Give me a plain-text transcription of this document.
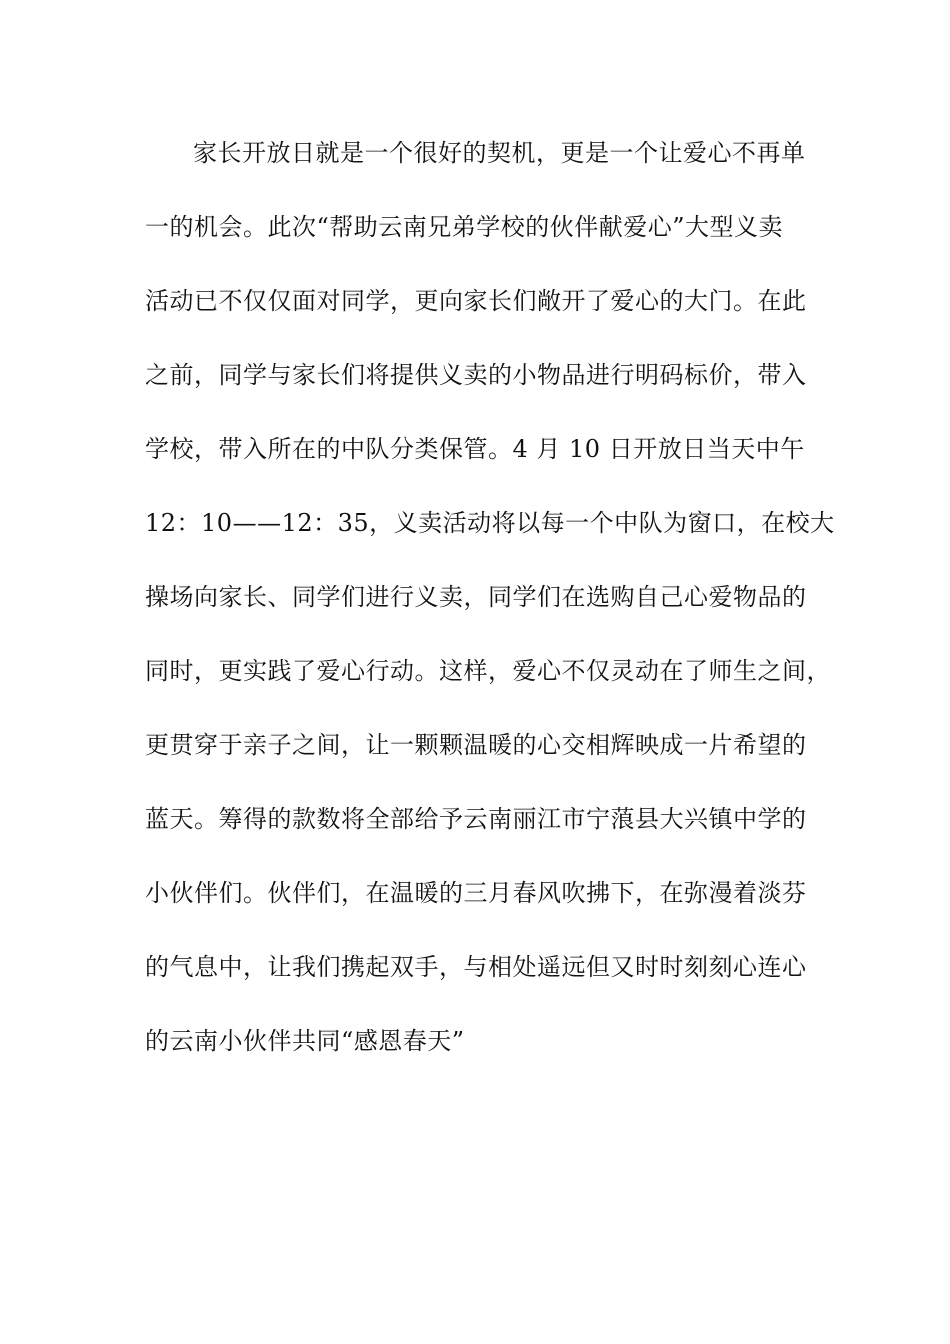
家长开放日就是一个很好的契机，更是一个让爱心不再单
一的机会。此次“帮助云南兄弟学校的伙伴献爱心”大型义卖
活动已不仅仅面对同学，更向家长们敞开了爱心的大门。在此
之前，同学与家长们将提供义卖的小物品进行明码标价，带入
学校，带入所在的中队分类保管。4 月 10 日开放日当天中午
12：10——12：35，义卖活动将以每一个中队为窗口，在校大
操场向家长、同学们进行义卖，同学们在选购自己心爱物品的
同时，更实践了爱心行动。这样，爱心不仅灵动在了师生之间，
更贯穿于亲子之间，让一颗颗温暖的心交相辉映成一片希望的
蓝天。筹得的款数将全部给予云南丽江市宁蒗县大兴镇中学的
小伙伴们。伙伴们，在温暖的三月春风吹拂下，在弥漫着淡芬
的气息中，让我们携起双手，与相处遥远但又时时刻刻心连心
的云南小伙伴共同“感恩春天”
